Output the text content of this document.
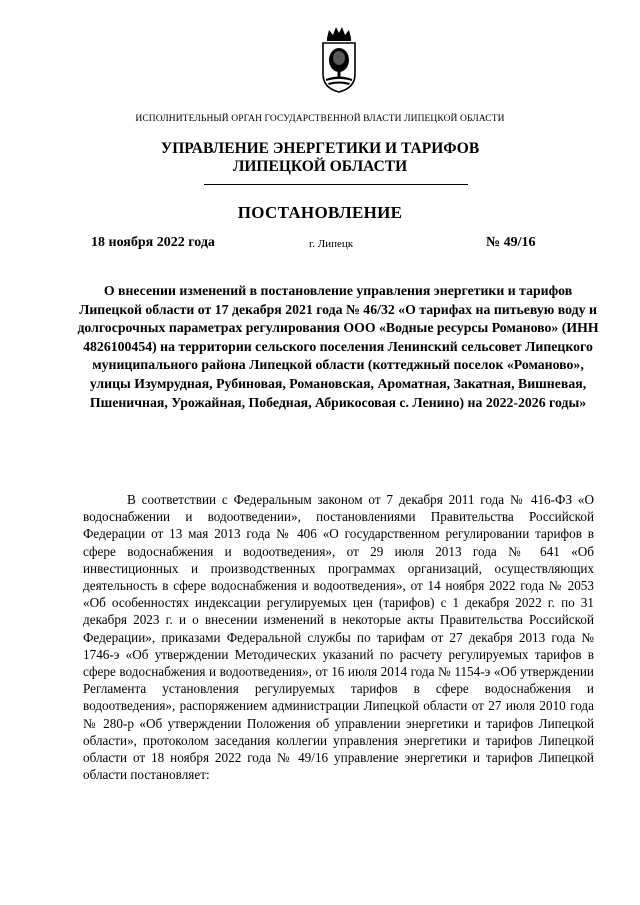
ИСПОЛНИТЕЛЬНЫЙ ОРГАН ГОСУДАРСТВЕННОЙ ВЛАСТИ ЛИПЕЦКОЙ ОБЛАСТИ
УПРАВЛЕНИЕ ЭНЕРГЕТИКИ И ТАРИФОВ
ЛИПЕЦКОЙ ОБЛАСТИ
ПОСТАНОВЛЕНИЕ
18 ноября 2022 года	г. Липецк	№ 49/16
О внесении изменений в постановление управления энергетики и тарифов Липецкой области от 17 декабря 2021 года № 46/32 «О тарифах на питьевую воду и долгосрочных параметрах регулирования ООО «Водные ресурсы Романово» (ИНН 4826100454) на территории сельского поселения Ленинский сельсовет Липецкого муниципального района Липецкой области (коттеджный поселок «Романово», улицы Изумрудная, Рубиновая, Романовская, Ароматная, Закатная, Вишневая, Пшеничная, Урожайная, Победная, Абрикосовая с. Ленино) на 2022-2026 годы»
В соответствии с Федеральным законом от 7 декабря 2011 года № 416-ФЗ «О водоснабжении и водоотведении», постановлениями Правительства Российской Федерации от 13 мая 2013 года № 406 «О государственном регулировании тарифов в сфере водоснабжения и водоотведения», от 29 июля 2013 года № 641 «Об инвестиционных и производственных программах организаций, осуществляющих деятельность в сфере водоснабжения и водоотведения», от 14 ноября 2022 года № 2053 «Об особенностях индексации регулируемых цен (тарифов) с 1 декабря 2022 г. по 31 декабря 2023 г. и о внесении изменений в некоторые акты Правительства Российской Федерации», приказами Федеральной службы по тарифам от 27 декабря 2013 года № 1746-э «Об утверждении Методических указаний по расчету регулируемых тарифов в сфере водоснабжения и водоотведения», от 16 июля 2014 года № 1154-э «Об утверждении Регламента установления регулируемых тарифов в сфере водоснабжения и водоотведения», распоряжением администрации Липецкой области от 27 июля 2010 года № 280-р «Об утверждении Положения об управлении энергетики и тарифов Липецкой области», протоколом заседания коллегии управления энергетики и тарифов Липецкой области от 18 ноября 2022 года № 49/16 управление энергетики и тарифов Липецкой области постановляет:
